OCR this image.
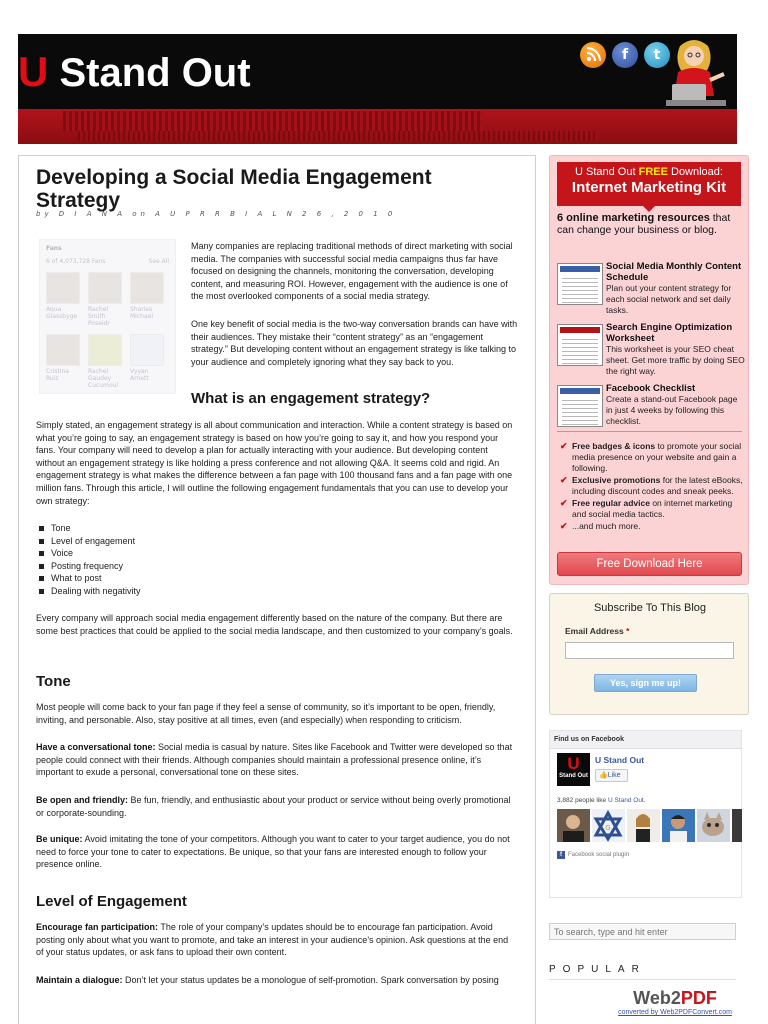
U Stand Out	f	t
Developing a Social Media Engagement Strategy
by D I A N A on A U P R R B I A L N 2 6 , 2 0 1 0
Fans
6 of 4,073,728 Fans	See All
Aqua Glassbyge
Rachel Smith Poseidr
Sharles Michael
Cristina Ruiz
Rachel Gaudey Cucumoul
Vyyan Arnett

Many companies are replacing traditional methods of direct marketing with social media. The companies with successful social media campaigns thus far have focused on designing the channels, monitoring the conversation, developing content, and measuring ROI. However, engagement with the audience is one of the most overlooked components of a social media strategy.

One key benefit of social media is the two-way conversation brands can have with their audiences. They mistake their “content strategy” as an “engagement strategy.” But developing content without an engagement strategy is like talking to your audience and completely ignoring what they say back to you.

What is an engagement strategy?

Simply stated, an engagement strategy is all about communication and interaction. While a content strategy is based on what you’re going to say, an engagement strategy is based on how you’re going to say it, and how you respond your fans. Your company will need to develop a plan for actually interacting with your audience. But developing content without an engagement strategy is like holding a press conference and not allowing Q&A. It seems cold and rigid. An engagement strategy is what makes the difference between a fan page with 100 thousand fans and a fan page with one million fans. Through this article, I will outline the following engagement fundamentals that you can use to develop your own strategy:

Tone
Level of engagement
Voice
Posting frequency
What to post
Dealing with negativity

Every company will approach social media engagement differently based on the nature of the company. But there are some best practices that could be applied to the social media landscape, and then customized to your company’s goals.

Tone

Most people will come back to your fan page if they feel a sense of community, so it’s important to be open, friendly, inviting, and personable. Also, stay positive at all times, even (and especially) when responding to criticism.

Have a conversational tone: Social media is casual by nature. Sites like Facebook and Twitter were developed so that people could connect with their friends. Although companies should maintain a professional presence online, it’s important to exude a personal, conversational tone on these sites.

Be open and friendly: Be fun, friendly, and enthusiastic about your product or service without being overly promotional or corporate-sounding.

Be unique: Avoid imitating the tone of your competitors. Although you want to cater to your target audience, you do not need to force your tone to cater to expectations. Be unique, so that your fans are interested enough to follow your presence online.

Level of Engagement

Encourage fan participation: The role of your company’s updates should be to encourage fan participation. Avoid posting only about what you want to promote, and take an interest in your audience’s opinion. Ask questions at the end of your status updates, or ask fans to upload their own content.

Maintain a dialogue: Don’t let your status updates be a monologue of self-promotion. Spark conversation by posing

U Stand Out FREE Download:
Internet Marketing Kit
6 online marketing resources that can change your business or blog.
Social Media Monthly Content Schedule
Plan out your content strategy for each social network and set daily tasks.
Search Engine Optimization Worksheet
This worksheet is your SEO cheat sheet. Get more traffic by doing SEO the right way.
Facebook Checklist
Create a stand-out Facebook page in just 4 weeks by following this checklist.
✔ Free badges & icons to promote your social media presence on your website and gain a following.
✔ Exclusive promotions for the latest eBooks, including discount codes and sneak peeks.
✔ Free regular advice on internet marketing and social media tactics.
✔ ...and much more.
Free Download Here
Subscribe To This Blog
Email Address *
Yes, sign me up!
Find us on Facebook
U
Stand Out
U Stand Out
👍Like
3,882 people like U Stand Out.
G
f Facebook social plugin
To search, type and hit enter
POPULAR
Web2PDF
converted by Web2PDFConvert.com
